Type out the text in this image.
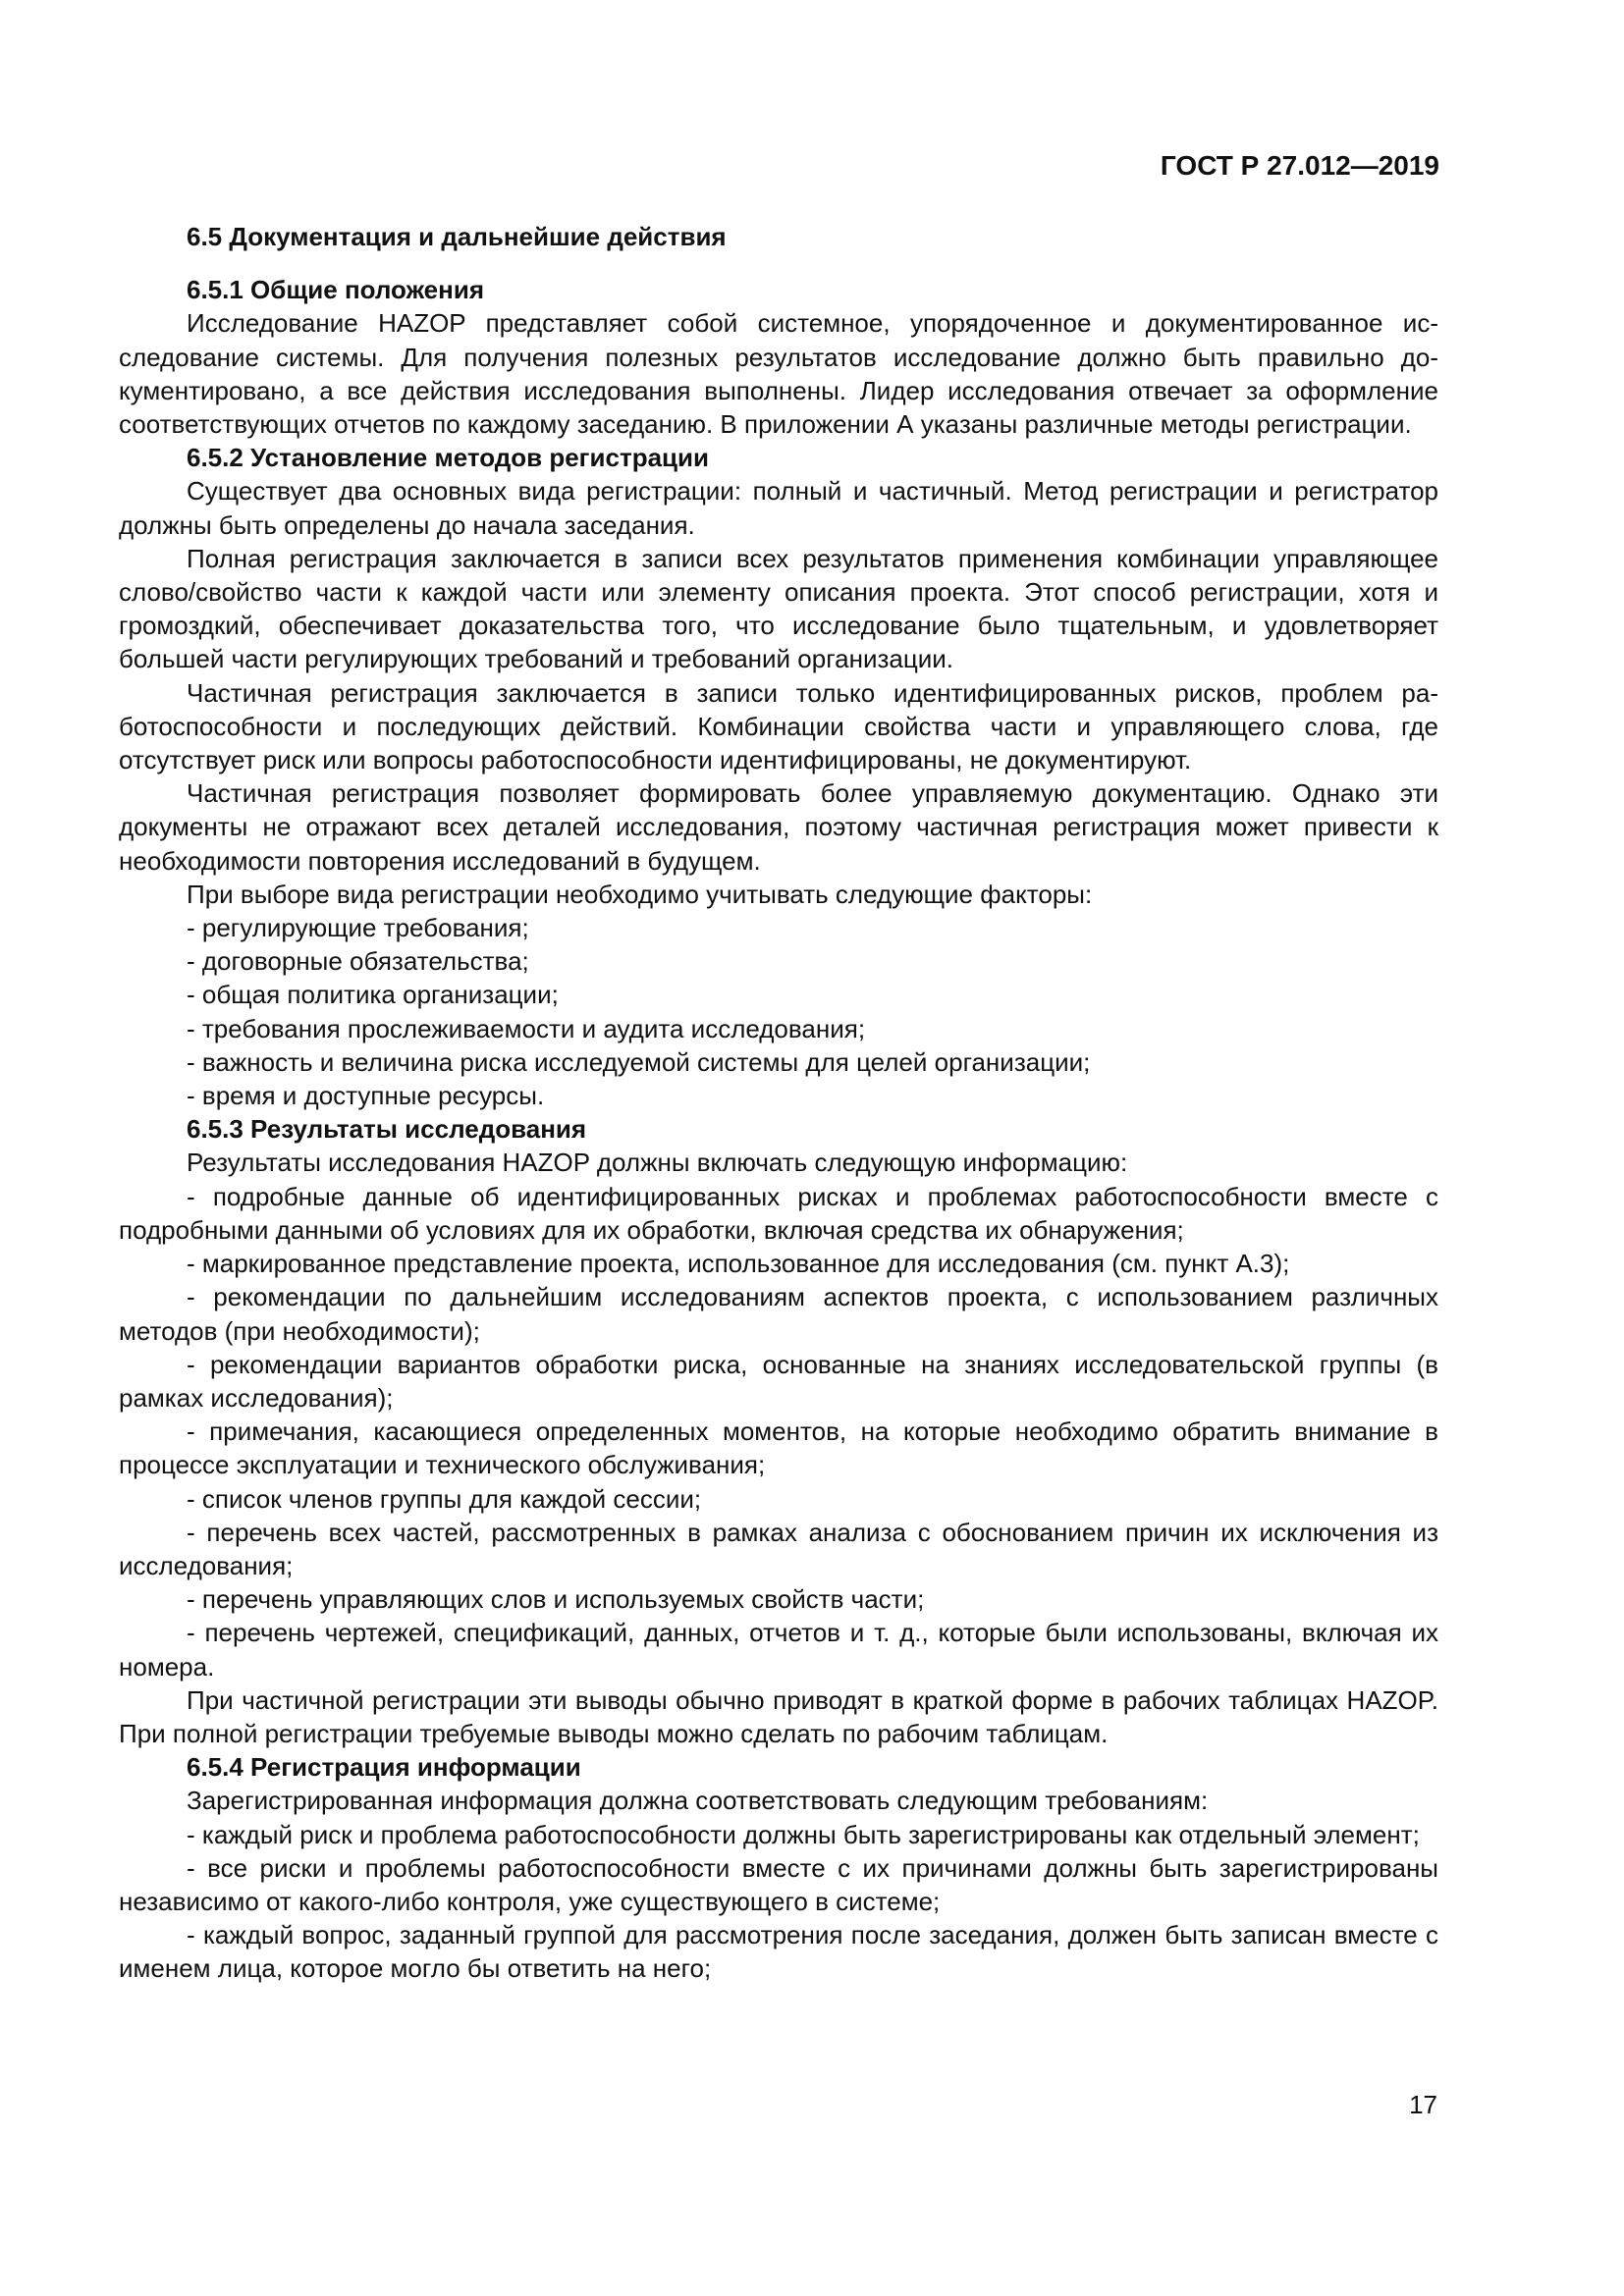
ГОСТ Р 27.012—2019

6.5 Документация и дальнейшие действия

6.5.1 Общие положения

Исследование HAZOP представляет собой системное, упорядоченное и документированное исследование системы. Для получения полезных результатов исследование должно быть правильно документировано, а все действия исследования выполнены. Лидер исследования отвечает за оформление соответствующих отчетов по каждому заседанию. В приложении А указаны различные методы регистрации.

6.5.2 Установление методов регистрации

Существует два основных вида регистрации: полный и частичный. Метод регистрации и регистратор должны быть определены до начала заседания.

Полная регистрация заключается в записи всех результатов применения комбинации управляющее слово/свойство части к каждой части или элементу описания проекта. Этот способ регистрации, хотя и громоздкий, обеспечивает доказательства того, что исследование было тщательным, и удовлетворяет большей части регулирующих требований и требований организации.

Частичная регистрация заключается в записи только идентифицированных рисков, проблем работоспособности и последующих действий. Комбинации свойства части и управляющего слова, где отсутствует риск или вопросы работоспособности идентифицированы, не документируют.

Частичная регистрация позволяет формировать более управляемую документацию. Однако эти документы не отражают всех деталей исследования, поэтому частичная регистрация может привести к необходимости повторения исследований в будущем.

При выборе вида регистрации необходимо учитывать следующие факторы:

- регулирующие требования;

- договорные обязательства;

- общая политика организации;

- требования прослеживаемости и аудита исследования;

- важность и величина риска исследуемой системы для целей организации;

- время и доступные ресурсы.

6.5.3 Результаты исследования

Результаты исследования HAZOP должны включать следующую информацию:

- подробные данные об идентифицированных рисках и проблемах работоспособности вместе с подробными данными об условиях для их обработки, включая средства их обнаружения;

- маркированное представление проекта, использованное для исследования (см. пункт А.3);

- рекомендации по дальнейшим исследованиям аспектов проекта, с использованием различных методов (при необходимости);

- рекомендации вариантов обработки риска, основанные на знаниях исследовательской группы (в рамках исследования);

- примечания, касающиеся определенных моментов, на которые необходимо обратить внимание в процессе эксплуатации и технического обслуживания;

- список членов группы для каждой сессии;

- перечень всех частей, рассмотренных в рамках анализа с обоснованием причин их исключения из исследования;

- перечень управляющих слов и используемых свойств части;

- перечень чертежей, спецификаций, данных, отчетов и т. д., которые были использованы, включая их номера.

При частичной регистрации эти выводы обычно приводят в краткой форме в рабочих таблицах HAZOP. При полной регистрации требуемые выводы можно сделать по рабочим таблицам.

6.5.4 Регистрация информации

Зарегистрированная информация должна соответствовать следующим требованиям:

- каждый риск и проблема работоспособности должны быть зарегистрированы как отдельный элемент;

- все риски и проблемы работоспособности вместе с их причинами должны быть зарегистрированы независимо от какого-либо контроля, уже существующего в системе;

- каждый вопрос, заданный группой для рассмотрения после заседания, должен быть записан вместе с именем лица, которое могло бы ответить на него;

17
